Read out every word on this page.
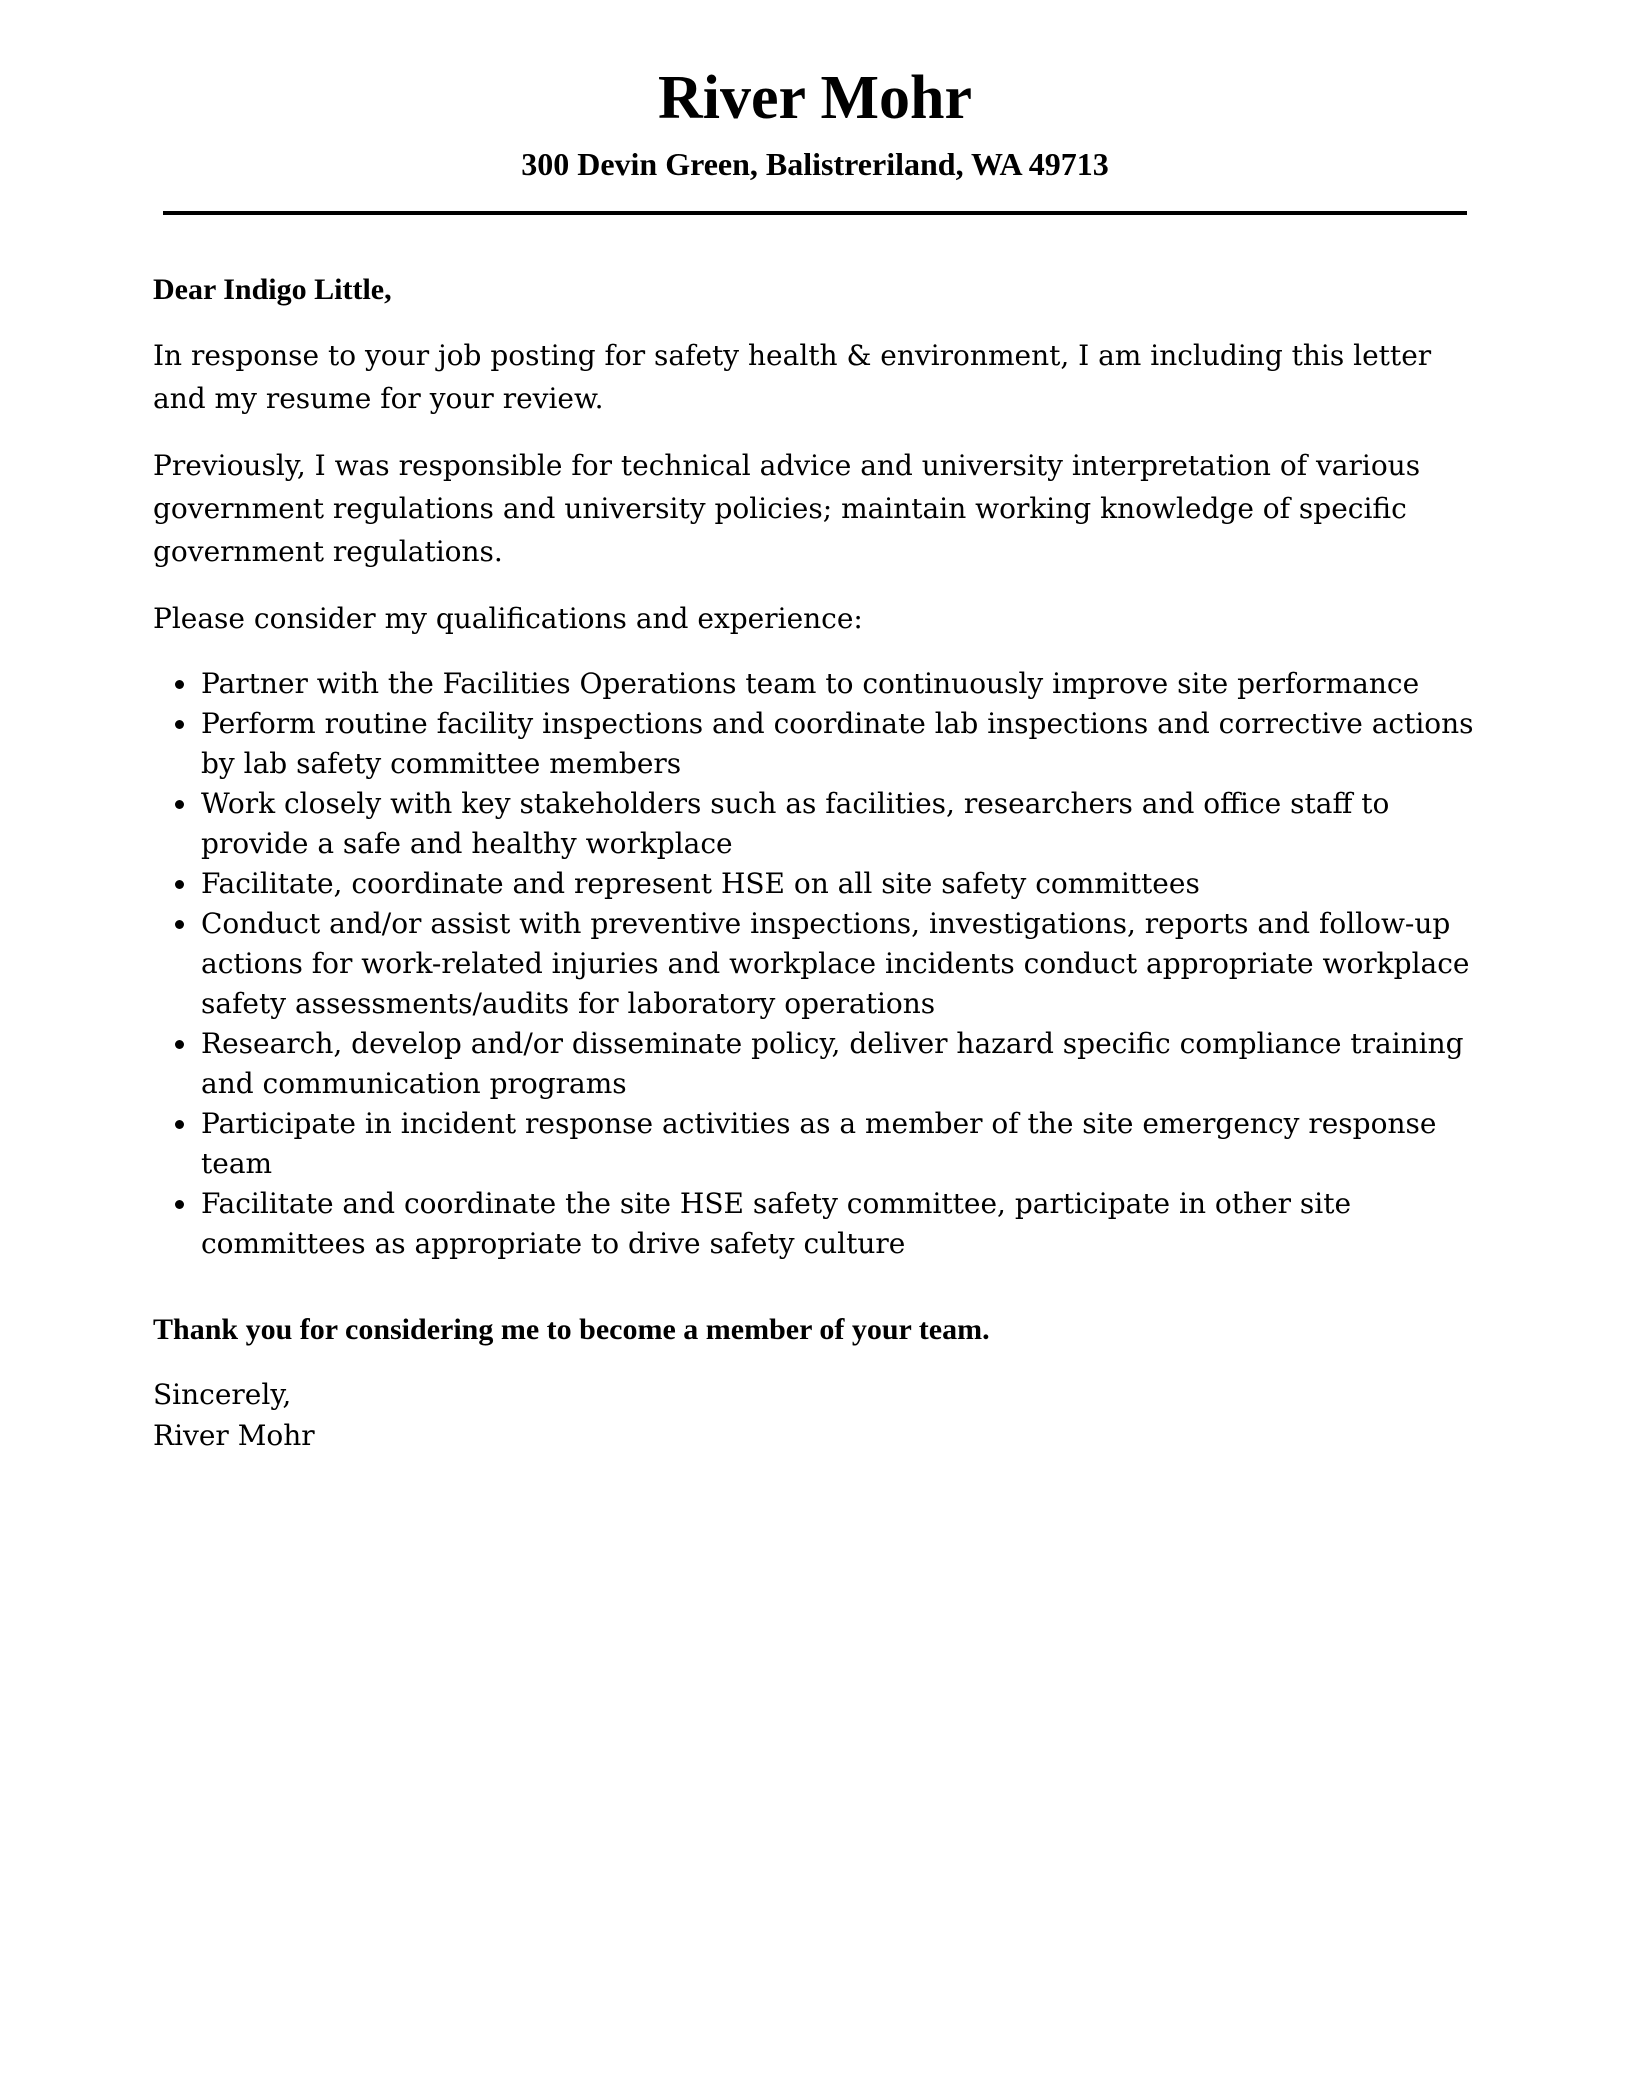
River Mohr
300 Devin Green, Balistreriland, WA 49713

Dear Indigo Little,

In response to your job posting for safety health & environment, I am including this letter and my resume for your review.

Previously, I was responsible for technical advice and university interpretation of various government regulations and university policies; maintain working knowledge of specific government regulations.

Please consider my qualifications and experience:

Partner with the Facilities Operations team to continuously improve site performance
Perform routine facility inspections and coordinate lab inspections and corrective actions by lab safety committee members
Work closely with key stakeholders such as facilities, researchers and office staff to provide a safe and healthy workplace
Facilitate, coordinate and represent HSE on all site safety committees
Conduct and/or assist with preventive inspections, investigations, reports and follow-up actions for work-related injuries and workplace incidents conduct appropriate workplace safety assessments/audits for laboratory operations
Research, develop and/or disseminate policy, deliver hazard specific compliance training and communication programs
Participate in incident response activities as a member of the site emergency response team
Facilitate and coordinate the site HSE safety committee, participate in other site committees as appropriate to drive safety culture

Thank you for considering me to become a member of your team.

Sincerely,

River Mohr
